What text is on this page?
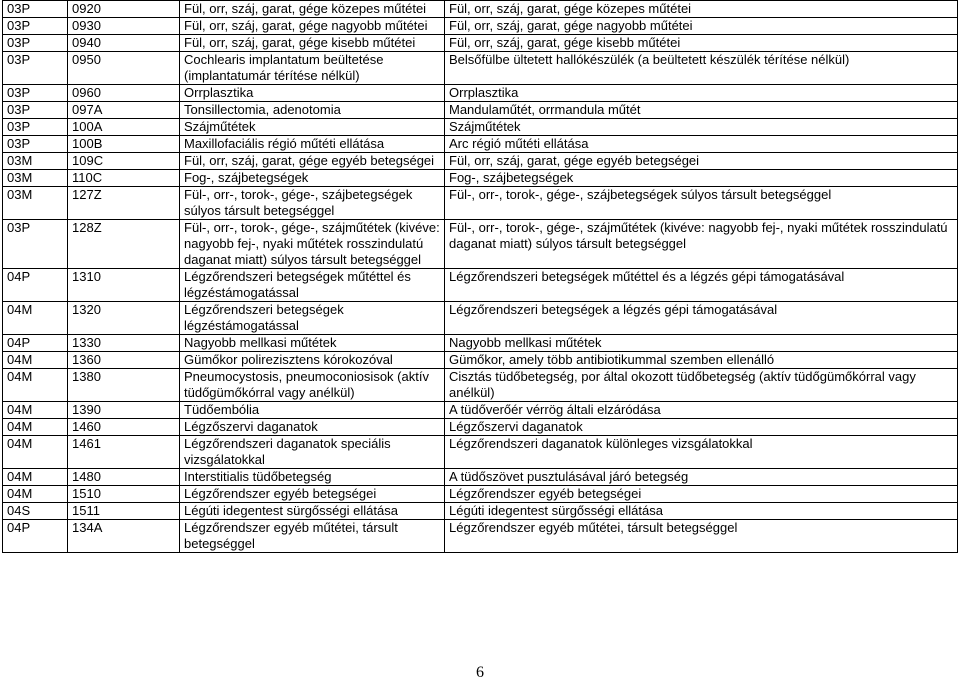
03P	0920	Fül, orr, száj, garat, gége közepes műtétei	Fül, orr, száj, garat, gége közepes műtétei
03P	0930	Fül, orr, száj, garat, gége nagyobb műtétei	Fül, orr, száj, garat, gége nagyobb műtétei
03P	0940	Fül, orr, száj, garat, gége kisebb műtétei	Fül, orr, száj, garat, gége kisebb műtétei
03P	0950	Cochlearis implantatum beültetése (implantatumár térítése nélkül)	Belsőfülbe ültetett hallókészülék (a beültetett készülék térítése nélkül)
03P	0960	Orrplasztika	Orrplasztika
03P	097A	Tonsillectomia, adenotomia	Mandulaműtét, orrmandula műtét
03P	100A	Szájműtétek	Szájműtétek
03P	100B	Maxillofaciális régió műtéti ellátása	Arc régió műtéti ellátása
03M	109C	Fül, orr, száj, garat, gége egyéb betegségei	Fül, orr, száj, garat, gége egyéb betegségei
03M	110C	Fog-, szájbetegségek	Fog-, szájbetegségek
03M	127Z	Fül-, orr-, torok-, gége-, szájbetegségek súlyos társult betegséggel	Fül-, orr-, torok-, gége-, szájbetegségek súlyos társult betegséggel
03P	128Z	Fül-, orr-, torok-, gége-, szájműtétek (kivéve: nagyobb fej-, nyaki műtétek rosszindulatú daganat miatt) súlyos társult betegséggel	Fül-, orr-, torok-, gége-, szájműtétek (kivéve: nagyobb fej-, nyaki műtétek rosszindulatú daganat miatt) súlyos társult betegséggel
04P	1310	Légzőrendszeri betegségek műtéttel és légzéstámogatással	Légzőrendszeri betegségek műtéttel és a légzés gépi támogatásával
04M	1320	Légzőrendszeri betegségek légzéstámogatással	Légzőrendszeri betegségek a légzés gépi támogatásával
04P	1330	Nagyobb mellkasi műtétek	Nagyobb mellkasi műtétek
04M	1360	Gümőkor polirezisztens kórokozóval	Gümőkor, amely több antibiotikummal szemben ellenálló
04M	1380	Pneumocystosis, pneumoconiosisok (aktív tüdőgümőkórral vagy anélkül)	Cisztás tüdőbetegség, por által okozott tüdőbetegség (aktív tüdőgümőkórral vagy anélkül)
04M	1390	Tüdőembólia	A tüdőverőér vérrög általi elzáródása
04M	1460	Légzőszervi daganatok	Légzőszervi daganatok
04M	1461	Légzőrendszeri daganatok speciális vizsgálatokkal	Légzőrendszeri daganatok különleges vizsgálatokkal
04M	1480	Interstitialis tüdőbetegség	A tüdőszövet pusztulásával járó betegség
04M	1510	Légzőrendszer egyéb betegségei	Légzőrendszer egyéb betegségei
04S	1511	Légúti idegentest sürgősségi ellátása	Légúti idegentest sürgősségi ellátása
04P	134A	Légzőrendszer egyéb műtétei, társult betegséggel	Légzőrendszer egyéb műtétei, társult betegséggel
6
